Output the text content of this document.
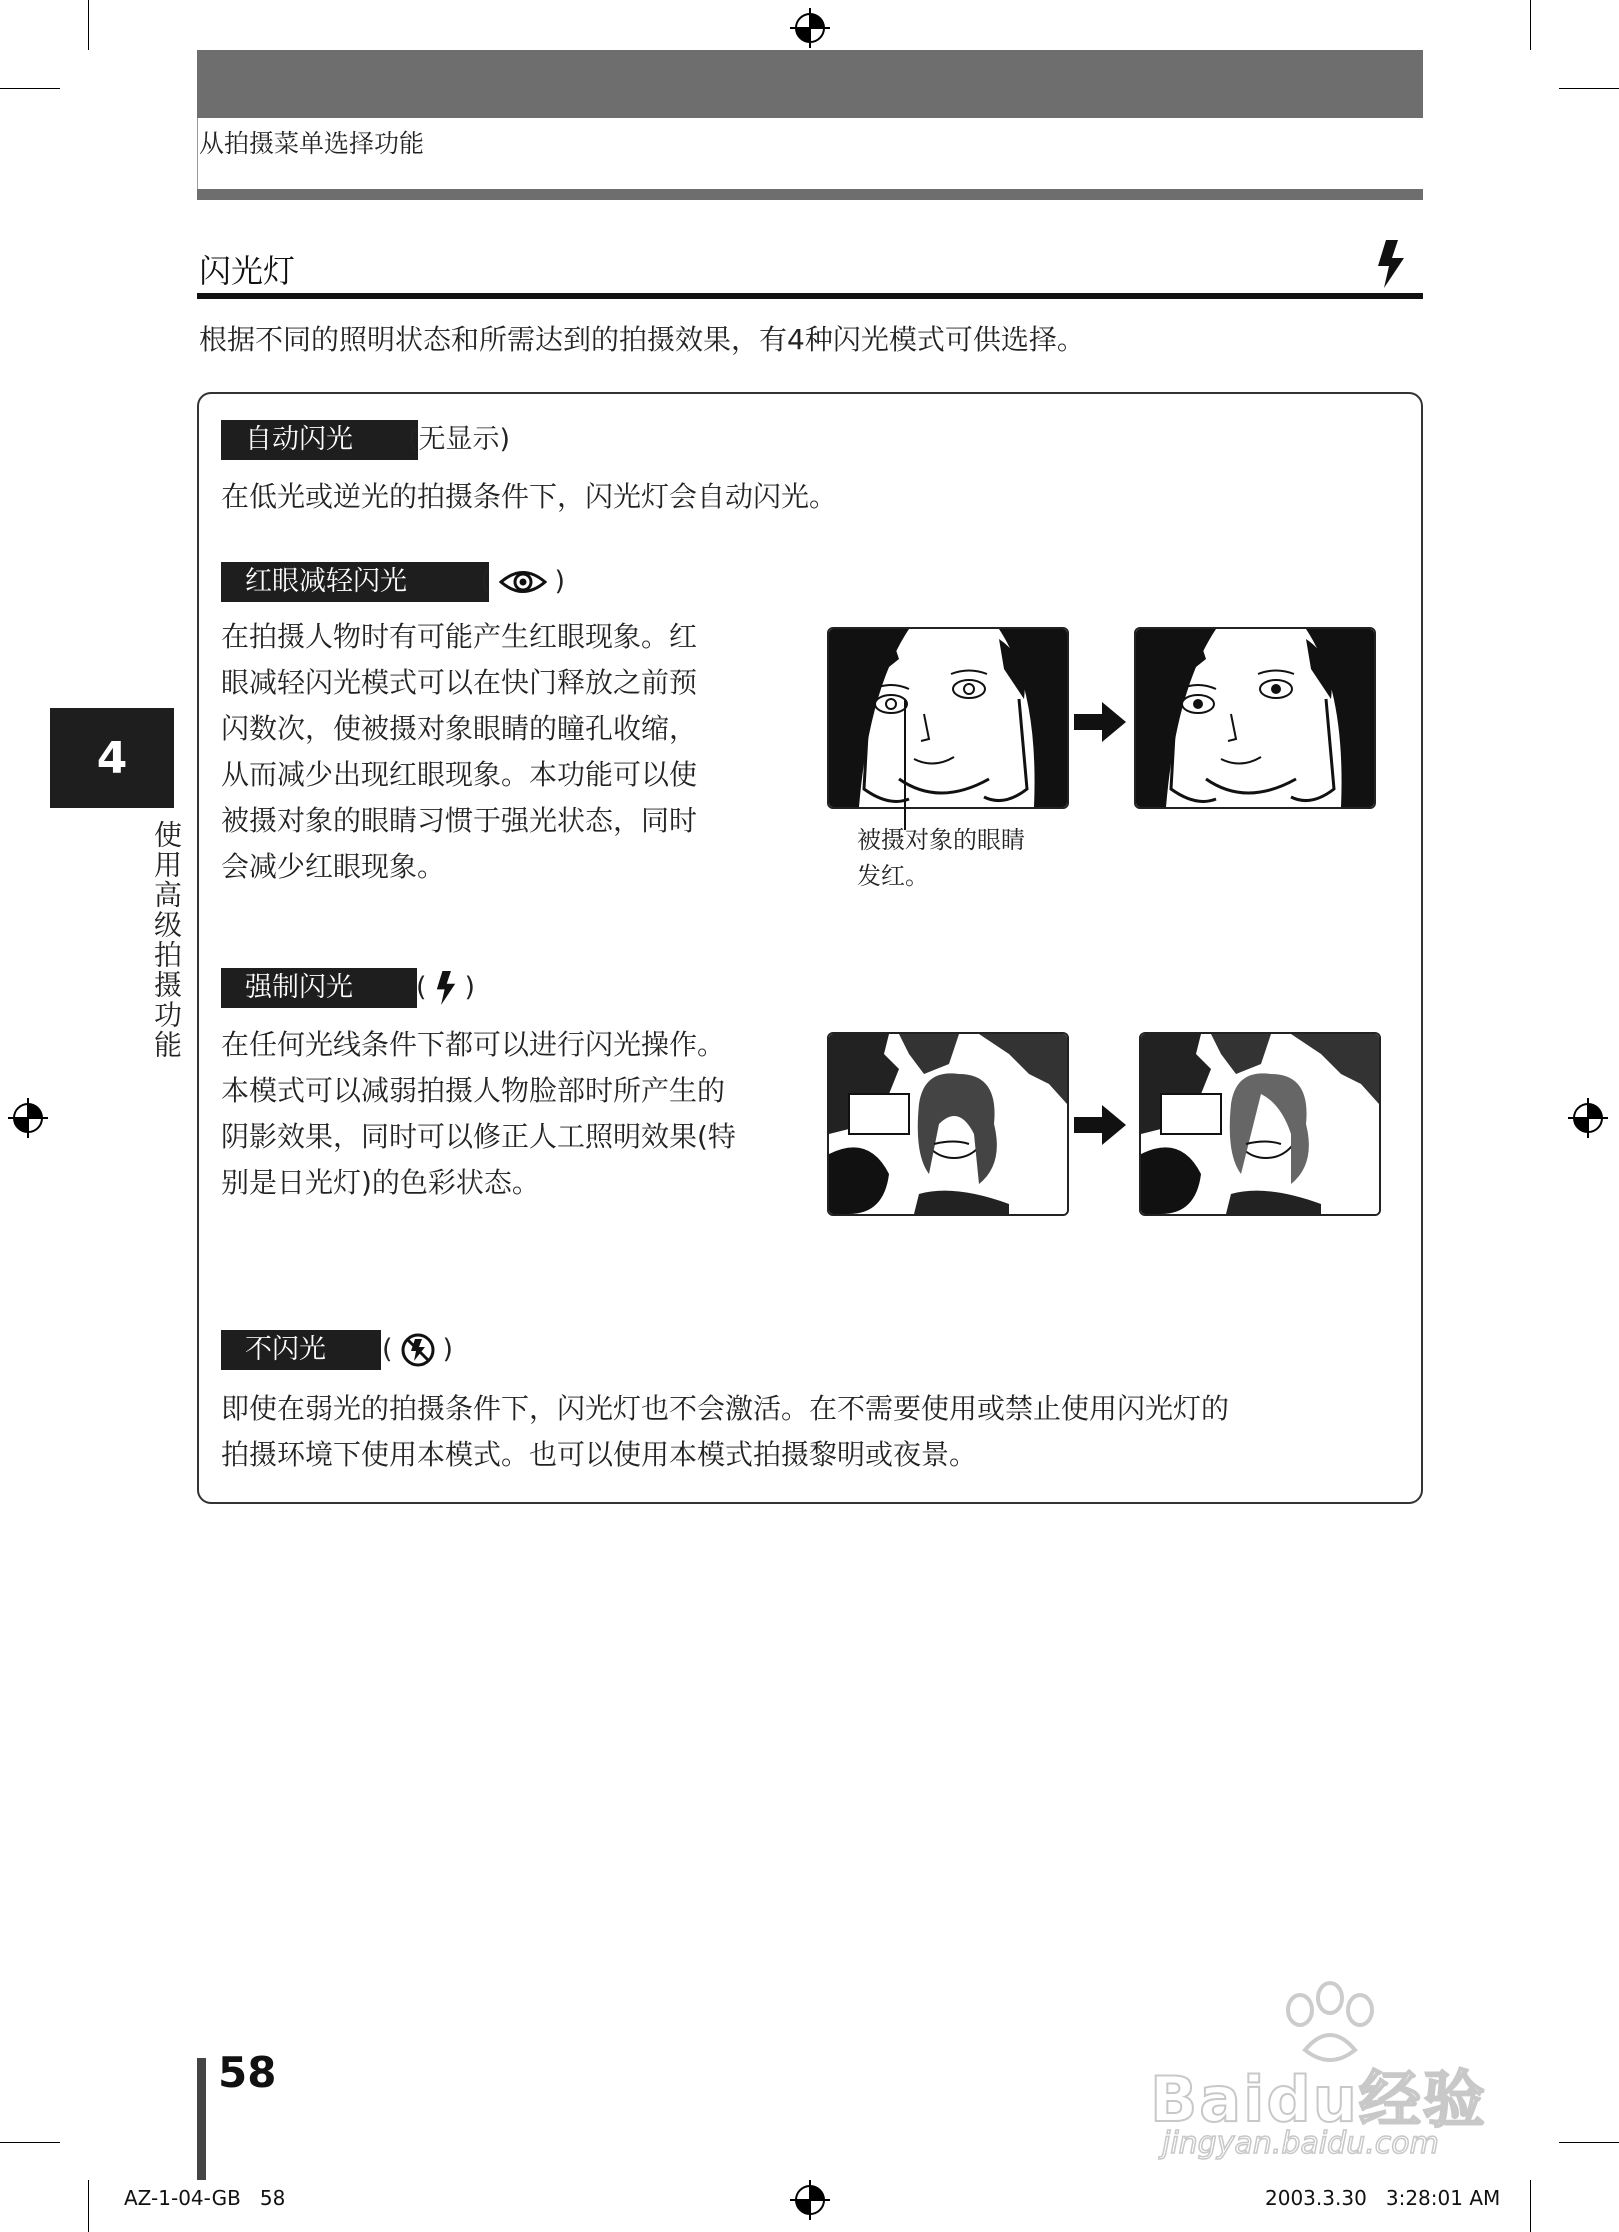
从拍摄菜单选择功能
闪光灯
根据不同的照明状态和所需达到的拍摄效果，有4种闪光模式可供选择。
自动闪光	(无显示)
在低光或逆光的拍摄条件下，闪光灯会自动闪光。
红眼减轻闪光	( )
在拍摄人物时有可能产生红眼现象。红
眼减轻闪光模式可以在快门释放之前预
闪数次，使被摄对象眼睛的瞳孔收缩，
从而减少出现红眼现象。本功能可以使
被摄对象的眼睛习惯于强光状态，同时
会减少红眼现象。
被摄对象的眼睛
发红。
强制闪光	( )
在任何光线条件下都可以进行闪光操作。
本模式可以减弱拍摄人物脸部时所产生的
阴影效果，同时可以修正人工照明效果(特
别是日光灯)的色彩状态。
不闪光	( )
即使在弱光的拍摄条件下，闪光灯也不会激活。在不需要使用或禁止使用闪光灯的
拍摄环境下使用本模式。也可以使用本模式拍摄黎明或夜景。
4
使用高级拍摄功能
58
AZ-1-04-GB   58	2003.3.30   3:28:01 AM
Baidu经验
jingyan.baidu.com
